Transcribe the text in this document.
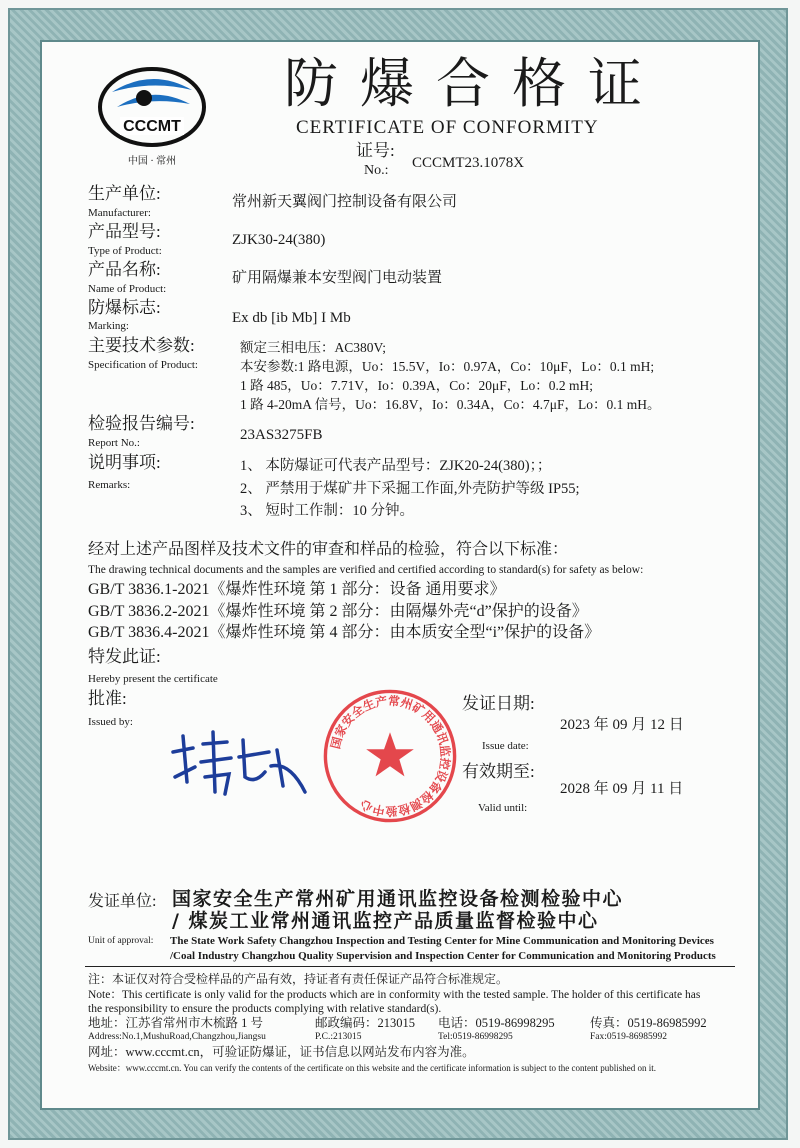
国家安全生产常州矿用通讯监控设备检测检验中心
CCCMT
中国 · 常州
防爆合格证
CERTIFICATE OF CONFORMITY
证号:
No.: CCCMT23.1078X
生产单位:
Manufacturer:
常州新天翼阀门控制设备有限公司
产品型号:
Type of Product:
ZJK30-24(380)
产品名称:
Name of Product:
矿用隔爆兼本安型阀门电动装置
防爆标志:
Marking:	Ex db [ib Mb] I Mb
主要技术参数:
Specification of Product:
额定三相电压：AC380V;
本安参数:1 路电源，Uo：15.5V，Io：0.97A，Co：10μF，Lo：0.1 mH;
1 路 485，Uo：7.71V，Io：0.39A，Co：20μF，Lo：0.2 mH;
1 路 4-20mA 信号，Uo：16.8V，Io：0.34A，Co：4.7μF，Lo：0.1 mH。
检验报告编号:
Report No.:	23AS3275FB
说明事项:
Remarks:
1、 本防爆证可代表产品型号：ZJK20-24(380)；；
2、 严禁用于煤矿井下采掘工作面,外壳防护等级 IP55;
3、 短时工作制：10 分钟。
经对上述产品图样及技术文件的审查和样品的检验，符合以下标准：
The drawing technical documents and the samples are verified and certified according to standard(s) for safety as below:
GB/T 3836.1-2021《爆炸性环境 第 1 部分：设备 通用要求》
GB/T 3836.2-2021《爆炸性环境 第 2 部分：由隔爆外壳“d”保护的设备》
GB/T 3836.4-2021《爆炸性环境 第 4 部分：由本质安全型“i”保护的设备》
特发此证:
Hereby present the certificate
批准:
Issued by:
发证日期:
2023 年 09 月 12 日
Issue date:
有效期至:
2028 年 09 月 11 日
Valid until:
发证单位: 国家安全生产常州矿用通讯监控设备检测检验中心
/ 煤炭工业常州通讯监控产品质量监督检验中心
Unit of approval: The State Work Safety Changzhou Inspection and Testing Center for Mine Communication and Monitoring Devices
/Coal Industry Changzhou Quality Supervision and Inspection Center for Communication and Monitoring Products
注：本证仅对符合受检样品的产品有效，持证者有责任保证产品符合标准规定。
Note：This certificate is only valid for the products which are in conformity with the tested sample. The holder of this certificate has
the responsibility to ensure the products complying with relative standard(s).
地址：江苏省常州市木梳路 1 号	邮政编码：213015 电话：0519-86998295	传真：0519-86985992
Address:No.1,MushuRoad,Changzhou,Jiangsu	P.C.:213015	Tel:0519-86998295	Fax:0519-86985992
网址：www.cccmt.cn，可验证防爆证，证书信息以网站发布内容为准。
Website：www.cccmt.cn. You can verify the contents of the certificate on this website and the certificate information is subject to the content published on it.
